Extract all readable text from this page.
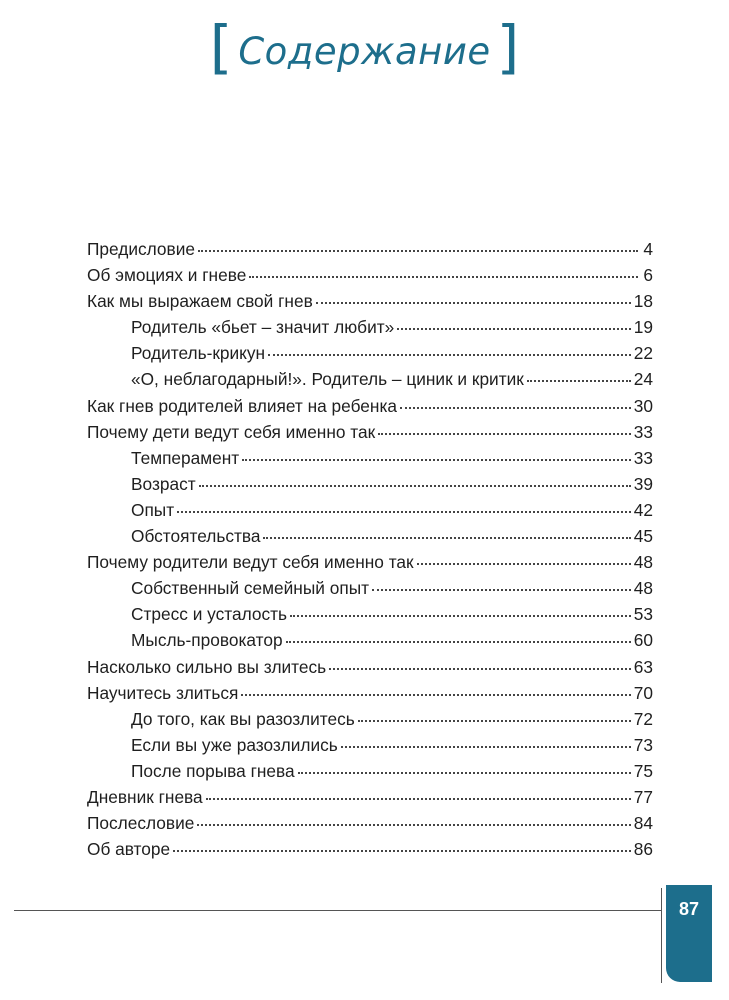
[ Содержание ]
Предисловие	4
Об эмоциях и гневе	6
Как мы выражаем свой гнев	18
Родитель «бьет – значит любит»	19
Родитель-крикун	22
«О, неблагодарный!». Родитель – циник и критик	24
Как гнев родителей влияет на ребенка	30
Почему дети ведут себя именно так	33
Темперамент	33
Возраст	39
Опыт	42
Обстоятельства	45
Почему родители ведут себя именно так	48
Собственный семейный опыт	48
Стресс и усталость	53
Мысль-провокатор	60
Насколько сильно вы злитесь	63
Научитесь злиться	70
До того, как вы разозлитесь	72
Если вы уже разозлились	73
После порыва гнева	75
Дневник гнева	77
Послесловие	84
Об авторе	86
87
